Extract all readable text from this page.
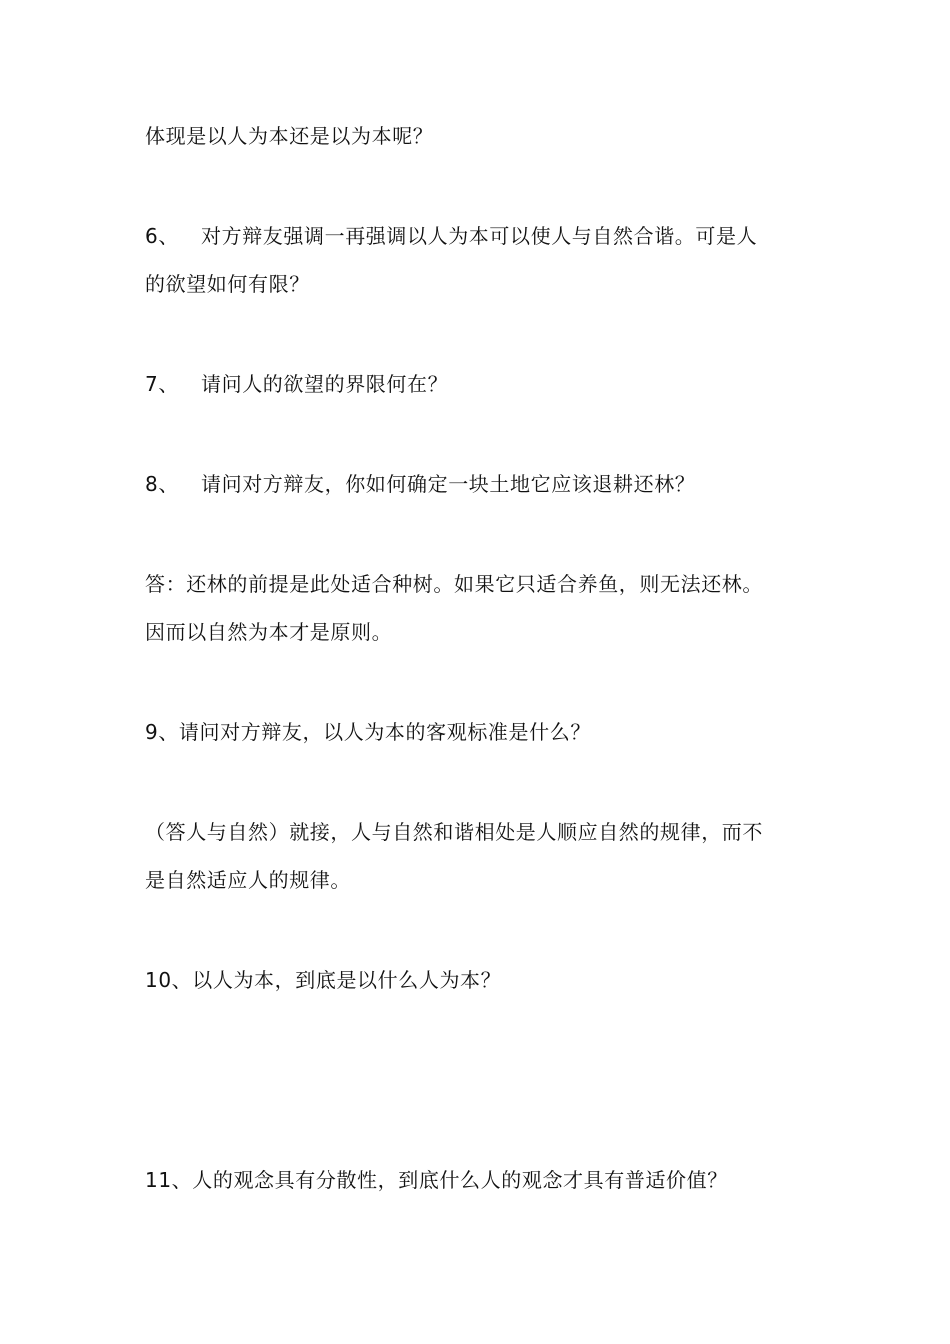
体现是以人为本还是以为本呢？
6、 对方辩友强调一再强调以人为本可以使人与自然合谐。可是人
的欲望如何有限？
7、 请问人的欲望的界限何在？
8、 请问对方辩友，你如何确定一块土地它应该退耕还林？
答：还林的前提是此处适合种树。如果它只适合养鱼，则无法还林。
因而以自然为本才是原则。
9、请问对方辩友，以人为本的客观标准是什么？
（答人与自然）就接，人与自然和谐相处是人顺应自然的规律，而不
是自然适应人的规律。
10、以人为本，到底是以什么人为本？
11、人的观念具有分散性，到底什么人的观念才具有普适价值？
